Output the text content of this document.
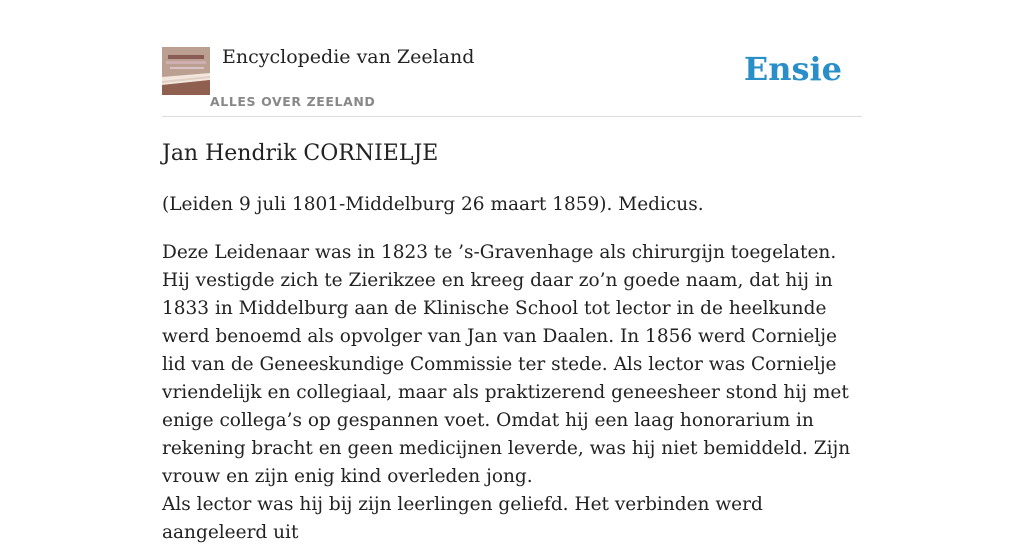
Encyclopedie van Zeeland
ALLES OVER ZEELAND
Ensie
Jan Hendrik CORNIELJE

(Leiden 9 juli 1801-Middelburg 26 maart 1859). Medicus.

Deze Leidenaar was in 1823 te ’s-Gravenhage als chirurgijn toegelaten. Hij vestigde zich te Zierikzee en kreeg daar zo’n goede naam, dat hij in 1833 in Middelburg aan de Klinische School tot lector in de heelkunde werd benoemd als opvolger van Jan van Daalen. In 1856 werd Cornielje lid van de Geneeskundige Commissie ter stede. Als lector was Cornielje vriendelijk en collegiaal, maar als praktizerend geneesheer stond hij met enige collega’s op gespannen voet. Omdat hij een laag honorarium in rekening bracht en geen medicijnen leverde, was hij niet bemiddeld. Zijn vrouw en zijn enig kind overleden jong.

Als lector was hij bij zijn leerlingen geliefd. Het verbinden werd aangeleerd uit
